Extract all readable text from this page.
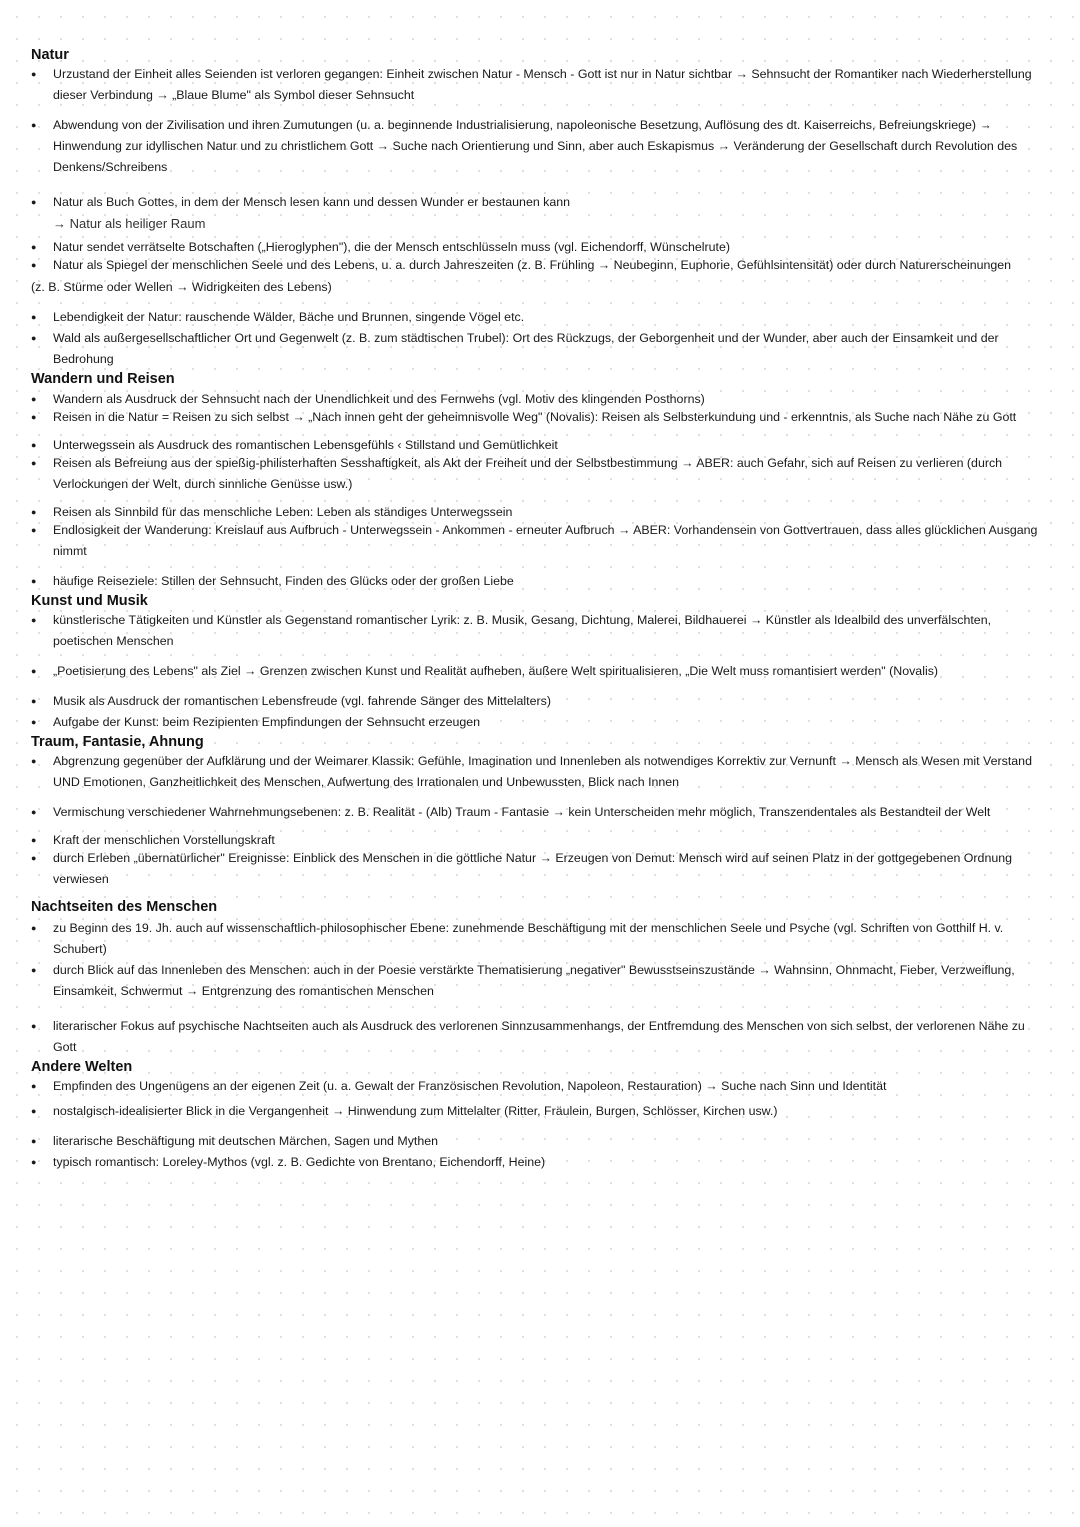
Natur
● Urzustand der Einheit alles Seienden ist verloren gegangen: Einheit zwischen Natur - Mensch - Gott ist nur in Natur sichtbar → Sehnsucht der Romantiker nach Wiederherstellung dieser Verbindung → „Blaue Blume" als Symbol dieser Sehnsucht
● Abwendung von der Zivilisation und ihren Zumutungen (u. a. beginnende Industrialisierung, napoleonische Besetzung, Auflösung des dt. Kaiserreichs, Befreiungskriege) → Hinwendung zur idyllischen Natur und zu christlichem Gott → Suche nach Orientierung und Sinn, aber auch Eskapismus → Veränderung der Gesellschaft durch Revolution des Denkens/Schreibens
● Natur als Buch Gottes, in dem der Mensch lesen kann und dessen Wunder er bestaunen kann
→ Natur als heiliger Raum
● Natur sendet verrätselte Botschaften („Hieroglyphen"), die der Mensch entschlüsseln muss (vgl. Eichendorff, Wünschelrute)
● Natur als Spiegel der menschlichen Seele und des Lebens, u. a. durch Jahreszeiten (z. B. Frühling → Neubeginn, Euphorie, Gefühlsintensität) oder durch Naturerscheinungen
(z. B. Stürme oder Wellen → Widrigkeiten des Lebens)
● Lebendigkeit der Natur: rauschende Wälder, Bäche und Brunnen, singende Vögel etc.
● Wald als außergesellschaftlicher Ort und Gegenwelt (z. B. zum städtischen Trubel): Ort des Rückzugs, der Geborgenheit und der Wunder, aber auch der Einsamkeit und der Bedrohung
Wandern und Reisen
● Wandern als Ausdruck der Sehnsucht nach der Unendlichkeit und des Fernwehs (vgl. Motiv des klingenden Posthorns)
● Reisen in die Natur = Reisen zu sich selbst → „Nach innen geht der geheimnisvolle Weg" (Novalis): Reisen als Selbsterkundung und - erkenntnis, als Suche nach Nähe zu Gott
● Unterwegssein als Ausdruck des romantischen Lebensgefühls ‹ Stillstand und Gemütlichkeit
● Reisen als Befreiung aus der spießig-philisterhaften Sesshaftigkeit, als Akt der Freiheit und der Selbstbestimmung → ABER: auch Gefahr, sich auf Reisen zu verlieren (durch Verlockungen der Welt, durch sinnliche Genüsse usw.)
● Reisen als Sinnbild für das menschliche Leben: Leben als ständiges Unterwegssein
● Endlosigkeit der Wanderung: Kreislauf aus Aufbruch - Unterwegssein - Ankommen - erneuter Aufbruch → ABER: Vorhandensein von Gottvertrauen, dass alles glücklichen Ausgang nimmt
● häufige Reiseziele: Stillen der Sehnsucht, Finden des Glücks oder der großen Liebe
Kunst und Musik
● künstlerische Tätigkeiten und Künstler als Gegenstand romantischer Lyrik: z. B. Musik, Gesang, Dichtung, Malerei, Bildhauerei → Künstler als Idealbild des unverfälschten, poetischen Menschen
● „Poetisierung des Lebens" als Ziel → Grenzen zwischen Kunst und Realität aufheben, äußere Welt spiritualisieren, „Die Welt muss romantisiert werden" (Novalis)
● Musik als Ausdruck der romantischen Lebensfreude (vgl. fahrende Sänger des Mittelalters)
● Aufgabe der Kunst: beim Rezipienten Empfindungen der Sehnsucht erzeugen
Traum, Fantasie, Ahnung
● Abgrenzung gegenüber der Aufklärung und der Weimarer Klassik: Gefühle, Imagination und Innenleben als notwendiges Korrektiv zur Vernunft → Mensch als Wesen mit Verstand UND Emotionen, Ganzheitlichkeit des Menschen, Aufwertung des Irrationalen und Unbewussten, Blick nach Innen
● Vermischung verschiedener Wahrnehmungsebenen: z. B. Realität - (Alb) Traum - Fantasie → kein Unterscheiden mehr möglich, Transzendentales als Bestandteil der Welt
● Kraft der menschlichen Vorstellungskraft
● durch Erleben „übernatürlicher" Ereignisse: Einblick des Menschen in die göttliche Natur → Erzeugen von Demut: Mensch wird auf seinen Platz in der gottgegebenen Ordnung verwiesen
Nachtseiten des Menschen
● zu Beginn des 19. Jh. auch auf wissenschaftlich-philosophischer Ebene: zunehmende Beschäftigung mit der menschlichen Seele und Psyche (vgl. Schriften von Gotthilf H. v. Schubert)
● durch Blick auf das Innenleben des Menschen: auch in der Poesie verstärkte Thematisierung „negativer" Bewusstseinszustände → Wahnsinn, Ohnmacht, Fieber, Verzweiflung, Einsamkeit, Schwermut → Entgrenzung des romantischen Menschen
● literarischer Fokus auf psychische Nachtseiten auch als Ausdruck des verlorenen Sinnzusammenhangs, der Entfremdung des Menschen von sich selbst, der verlorenen Nähe zu Gott
Andere Welten
● Empfinden des Ungenügens an der eigenen Zeit (u. a. Gewalt der Französischen Revolution, Napoleon, Restauration) → Suche nach Sinn und Identität
● nostalgisch-idealisierter Blick in die Vergangenheit → Hinwendung zum Mittelalter (Ritter, Fräulein, Burgen, Schlösser, Kirchen usw.)
● literarische Beschäftigung mit deutschen Märchen, Sagen und Mythen
● typisch romantisch: Loreley-Mythos (vgl. z. B. Gedichte von Brentano, Eichendorff, Heine)
